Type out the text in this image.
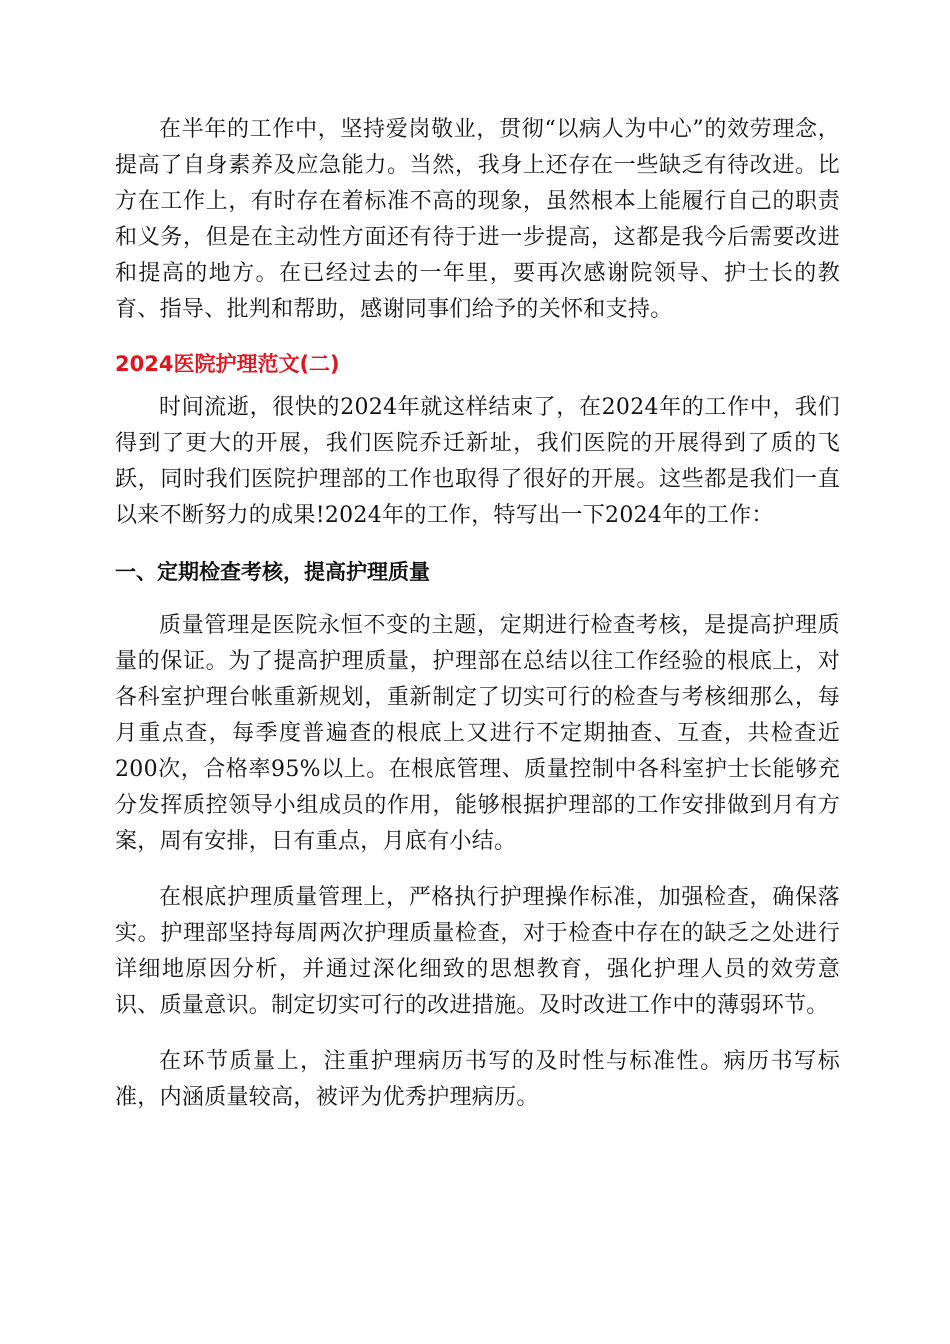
在半年的工作中，坚持爱岗敬业，贯彻“以病人为中心”的效劳理念，提高了自身素养及应急能力。当然，我身上还存在一些缺乏有待改进。比方在工作上，有时存在着标准不高的现象，虽然根本上能履行自己的职责和义务，但是在主动性方面还有待于进一步提高，这都是我今后需要改进和提高的地方。在已经过去的一年里，要再次感谢院领导、护士长的教育、指导、批判和帮助，感谢同事们给予的关怀和支持。

2024医院护理范文(二)

时间流逝，很快的2024年就这样结束了，在2024年的工作中，我们得到了更大的开展，我们医院乔迁新址，我们医院的开展得到了质的飞跃，同时我们医院护理部的工作也取得了很好的开展。这些都是我们一直以来不断努力的成果!2024年的工作，特写出一下2024年的工作：

一、定期检查考核，提高护理质量

质量管理是医院永恒不变的主题，定期进行检查考核，是提高护理质量的保证。为了提高护理质量，护理部在总结以往工作经验的根底上，对各科室护理台帐重新规划，重新制定了切实可行的检查与考核细那么，每月重点查，每季度普遍查的根底上又进行不定期抽查、互查，共检查近200次，合格率95%以上。在根底管理、质量控制中各科室护士长能够充分发挥质控领导小组成员的作用，能够根据护理部的工作安排做到月有方案，周有安排，日有重点，月底有小结。

在根底护理质量管理上，严格执行护理操作标准，加强检查，确保落实。护理部坚持每周两次护理质量检查，对于检查中存在的缺乏之处进行详细地原因分析，并通过深化细致的思想教育，强化护理人员的效劳意识、质量意识。制定切实可行的改进措施。及时改进工作中的薄弱环节。

在环节质量上，注重护理病历书写的及时性与标准性。病历书写标准，内涵质量较高，被评为优秀护理病历。
